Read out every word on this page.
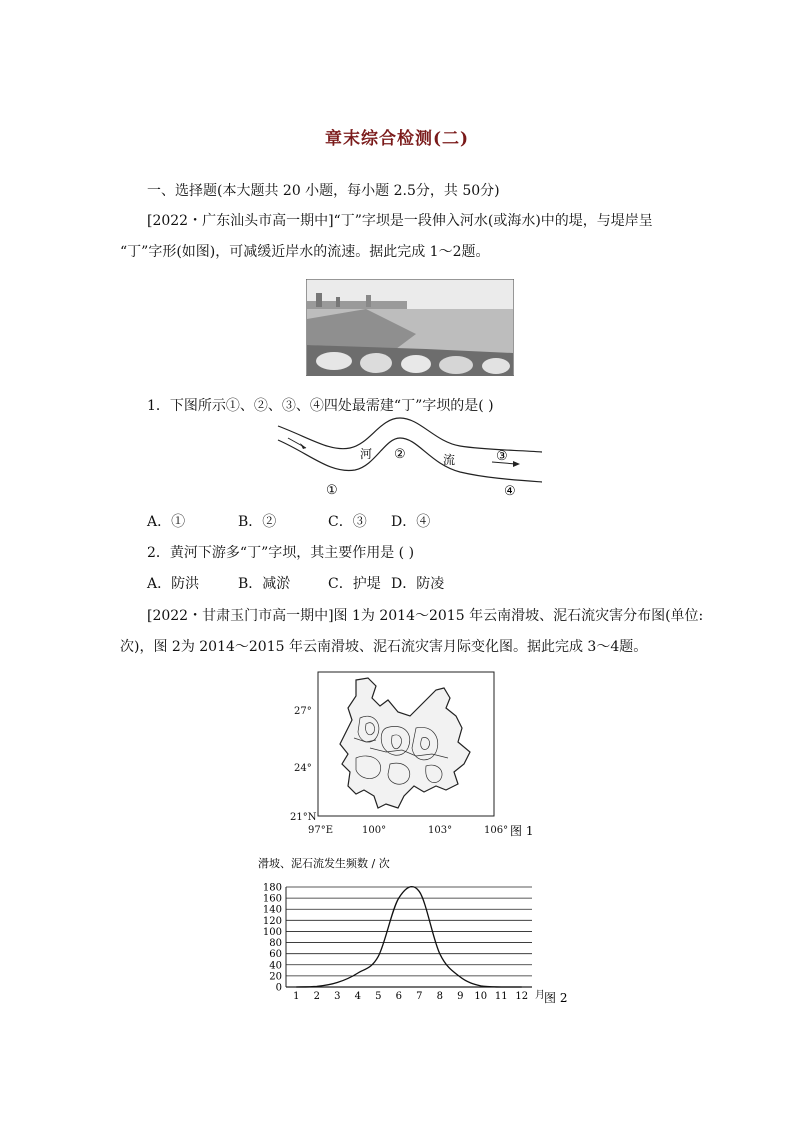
章末综合检测(二)
一、选择题(本大题共 20 小题，每小题 2.5分，共 50分)
[2022・广东汕头市高一期中]“丁”字坝是一段伸入河水(或海水)中的堤，与堤岸呈
“丁”字形(如图)，可减缓近岸水的流速。据此完成 1～2题。
1．下图所示①、②、③、④四处最需建“丁”字坝的是( )
河	流
①
②	③
④
A．①	B．②	C．③ D．④
2．黄河下游多“丁”字坝，其主要作用是 ( )
A．防洪	B．减淤	C．护堤 D．防凌
[2022・甘肃玉门市高一期中]图 1为 2014～2015 年云南滑坡、泥石流灾害分布图(单位:
次)，图 2为 2014～2015 年云南滑坡、泥石流灾害月际变化图。据此完成 3～4题。
27°
24°
21°N
97°E	100°	103°	106° 图 1
滑坡、泥石流发生频数 / 次
0
20
40
60
80
100
120
140
160
180
1 2 3 4 5 6 7 8 9 10 11 12 月 图 2
